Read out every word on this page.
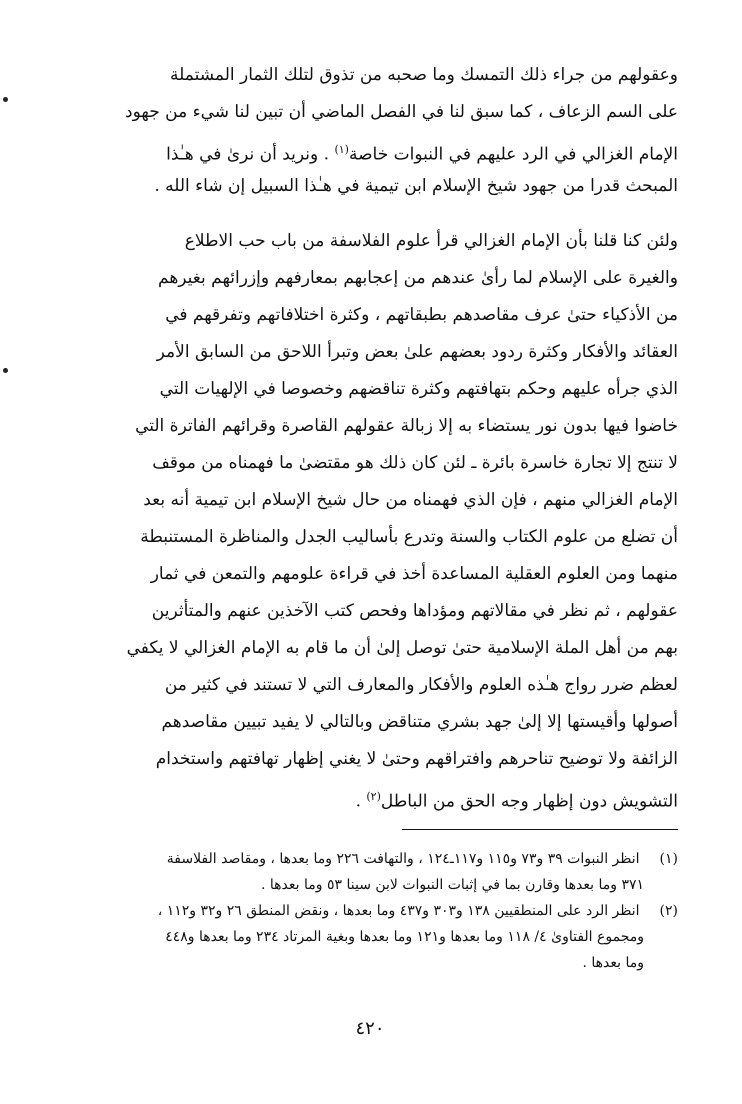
وعقولهم من جراء ذلك التمسك وما صحبه من تذوق لتلك الثمار المشتملة
على السم الزعاف ، كما سبق لنا في الفصل الماضي أن تبين لنا شيء من جهود
الإمام الغزالي في الرد عليهم في النبوات خاصة$^{(١)}$ . ونريد أن نرىٰ في هـٰذا
المبحث قدرا من جهود شيخ الإسلام ابن تيمية في هـٰذا السبيل إن شاء الله .
ولئن كنا قلنا بأن الإمام الغزالي قرأ علوم الفلاسفة من باب حب الاطلاع
والغيرة على الإسلام لما رأىٰ عندهم من إعجابهم بمعارفهم وإزرائهم بغيرهم
من الأذكياء حتىٰ عرف مقاصدهم بطبقاتهم ، وكثرة اختلافاتهم وتفرقهم في
العقائد والأفكار وكثرة ردود بعضهم علىٰ بعض وتبرأ اللاحق من السابق الأمر
الذي جرأه عليهم وحكم بتهافتهم وكثرة تناقضهم وخصوصا في الإلهيات التي
خاضوا فيها بدون نور يستضاء به إلا زبالة عقولهم القاصرة وقرائهم الفاترة التي
لا تنتج إلا تجارة خاسرة بائرة ـ لئن كان ذلك هو مقتضىٰ ما فهمناه من موقف
الإمام الغزالي منهم ، فإن الذي فهمناه من حال شيخ الإسلام ابن تيمية أنه بعد
أن تضلع من علوم الكتاب والسنة وتدرع بأساليب الجدل والمناظرة المستنبطة
منهما ومن العلوم العقلية المساعدة أخذ في قراءة علومهم والتمعن في ثمار
عقولهم ، ثم نظر في مقالاتهم ومؤداها وفحص كتب الآخذين عنهم والمتأثرين
بهم من أهل الملة الإسلامية حتىٰ توصل إلىٰ أن ما قام به الإمام الغزالي لا يكفي
لعظم ضرر رواج هـٰذه العلوم والأفكار والمعارف التي لا تستند في كثير من
أصولها وأقيستها إلا إلىٰ جهد بشري متناقض وبالتالي لا يفيد تبيين مقاصدهم
الزائفة ولا توضيح تناحرهم وافتراقهم وحتىٰ لا يغني إظهار تهافتهم واستخدام
التشويش دون إظهار وجه الحق من الباطل$^{(٢)}$ .
(١) انظر النبوات ٣٩ و٧٣ و١١٥ و١١٧ـ١٢٤ ، والتهافت ٢٢٦ وما بعدها ، ومقاصد الفلاسفة
٣٧١ وما بعدها وقارن بما في إثبات النبوات لابن سينا ٥٣ وما بعدها .
(٢) انظر الرد على المنطقيين ١٣٨ و٣٠٣ و٤٣٧ وما بعدها ، ونقض المنطق ٢٦ و٣٢ و١١٢ ،
ومجموع الفتاوىٰ ٤/ ١١٨ وما بعدها و١٢١ وما بعدها وبغية المرتاد ٢٣٤ وما بعدها و٤٤٨
وما بعدها .
٤٢٠
